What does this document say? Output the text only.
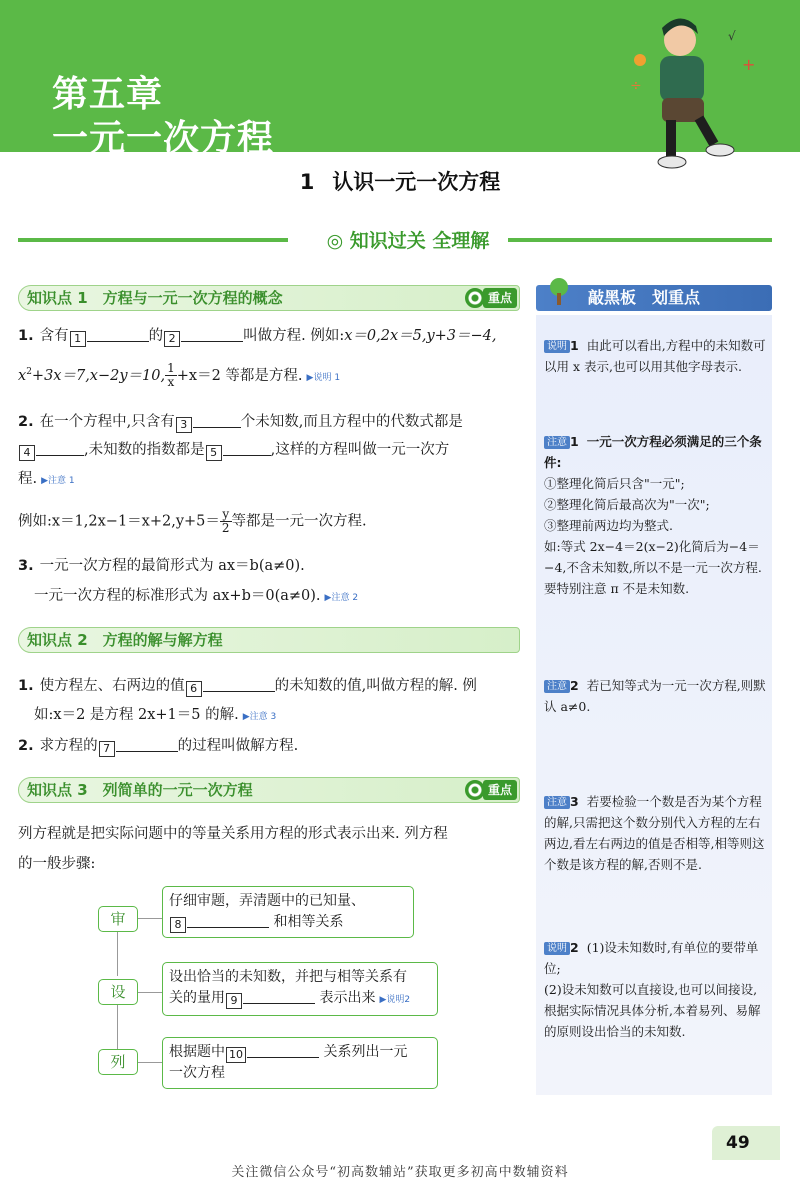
第五章
一元一次方程
+
÷
√
1 认识一元一次方程
◎ 知识过关 全理解
知识点 1　方程与一元一次方程的概念	重点
1. 含有 1	的 2	叫做方程. 例如:x＝0,2x＝5,y+3＝−4,
$x^2+3x=7,x-2y=10$, $\frac{1}{x} +x=2$ 等都是方程. ▶说明 1
2. 在一个方程中,只含有 3	个未知数,而且方程中的代数式都是
4	,未知数的指数都是 5	,这样的方程叫做一元一次方
程. ▶注意 1
例如:x＝1,2x−1＝x+2,y+5＝ $\frac{y}{2}$ 等都是一元一次方程.
3. 一元一次方程的最简形式为 ax＝b(a≠0).
一元一次方程的标准形式为 ax+b＝0(a≠0). ▶注意 2
知识点 2　方程的解与解方程
1. 使方程左、右两边的值 6	的未知数的值,叫做方程的解. 例
如:x＝2 是方程 2x+1＝5 的解. ▶注意 3
2. 求方程的 7	的过程叫做解方程.
知识点 3　列简单的一元一次方程	重点
列方程就是把实际问题中的等量关系用方程的形式表示出来. 列方程
的一般步骤:
审
仔细审题，弄清题中的已知量、
8	和相等关系
设
设出恰当的未知数，并把与相等关系有
关的量用 9	表示出来 ▶说明2
列
根据题中 10	关系列出一元
一次方程
敲黑板　划重点
说明 1 由此可以看出,方程中的未知数可以用 x 表示,也可以用其他字母表示.
注意 1 一元一次方程必须满足的三个条件:
①整理化简后只含"一元";
②整理化简后最高次为"一次";
③整理前两边均为整式.
如:等式 2x−4＝2(x−2)化简后为−4＝−4,不含未知数,所以不是一元一次方程. 要特别注意 π 不是未知数.
注意 2 若已知等式为一元一次方程,则默认 a≠0.
注意 3 若要检验一个数是否为某个方程的解,只需把这个数分别代入方程的左右两边,看左右两边的值是否相等,相等则这个数是该方程的解,否则不是.
说明 2 (1)设未知数时,有单位的要带单位;
(2)设未知数可以直接设,也可以间接设,根据实际情况具体分析,本着易列、易解的原则设出恰当的未知数.
49
关注微信公众号“初高数辅站”获取更多初高中数辅资料
